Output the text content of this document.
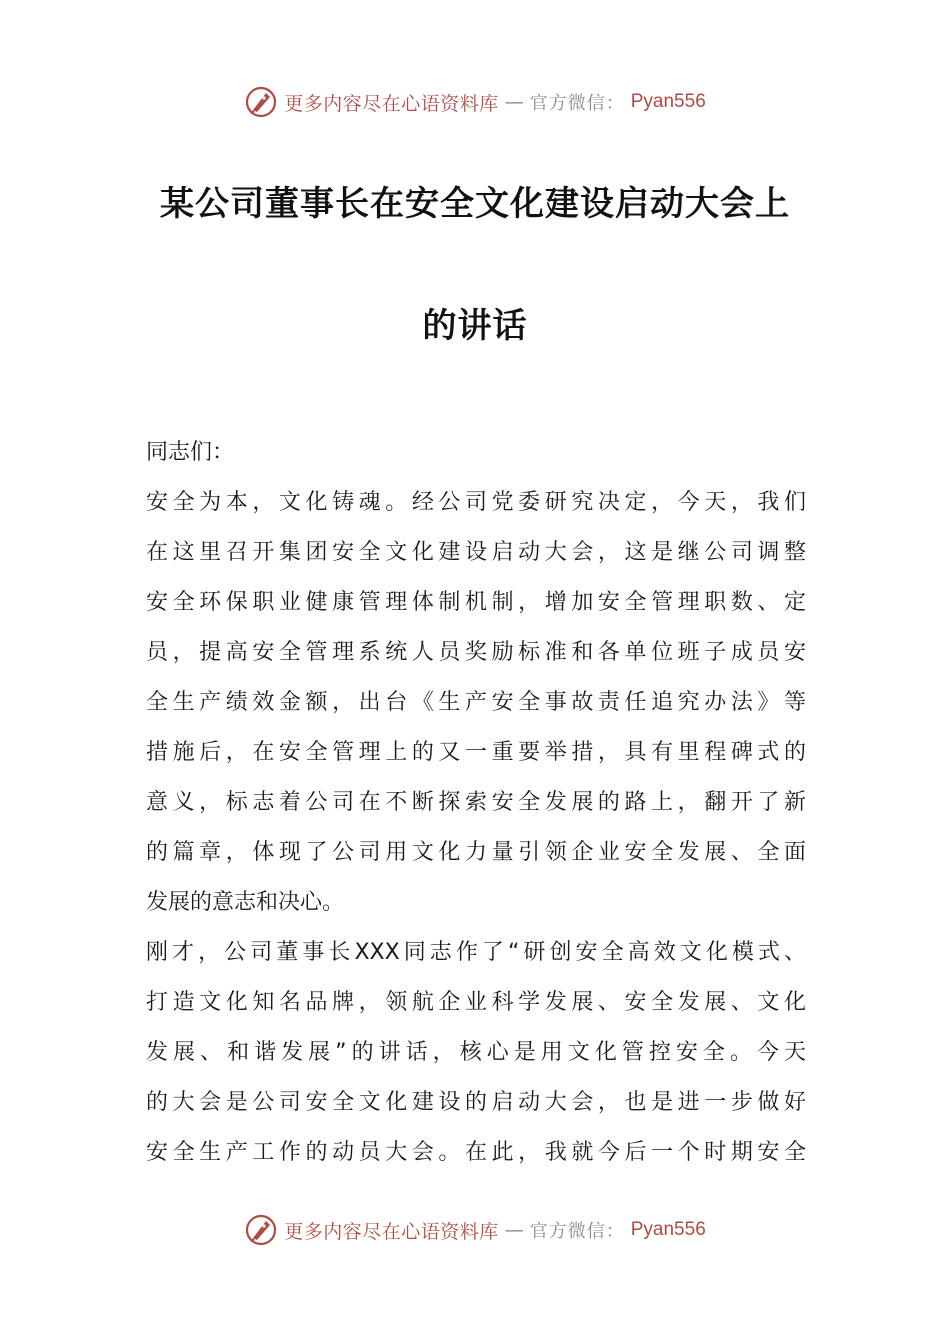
更多内容尽在心语资料库 — 官方微信： Pyan556
某公司董事长在安全文化建设启动大会上
的讲话
同志们：
安全为本，文化铸魂。经公司党委研究决定，今天，我们
在这里召开集团安全文化建设启动大会，这是继公司调整
安全环保职业健康管理体制机制，增加安全管理职数、定
员，提高安全管理系统人员奖励标准和各单位班子成员安
全生产绩效金额，出台《生产安全事故责任追究办法》等
措施后，在安全管理上的又一重要举措，具有里程碑式的
意义，标志着公司在不断探索安全发展的路上，翻开了新
的篇章，体现了公司用文化力量引领企业安全发展、全面
发展的意志和决心。
刚才，公司董事长XXX同志作了“研创安全高效文化模式、
打造文化知名品牌，领航企业科学发展、安全发展、文化
发展、和谐发展”的讲话，核心是用文化管控安全。今天
的大会是公司安全文化建设的启动大会，也是进一步做好
安全生产工作的动员大会。在此，我就今后一个时期安全
更多内容尽在心语资料库 — 官方微信： Pyan556
